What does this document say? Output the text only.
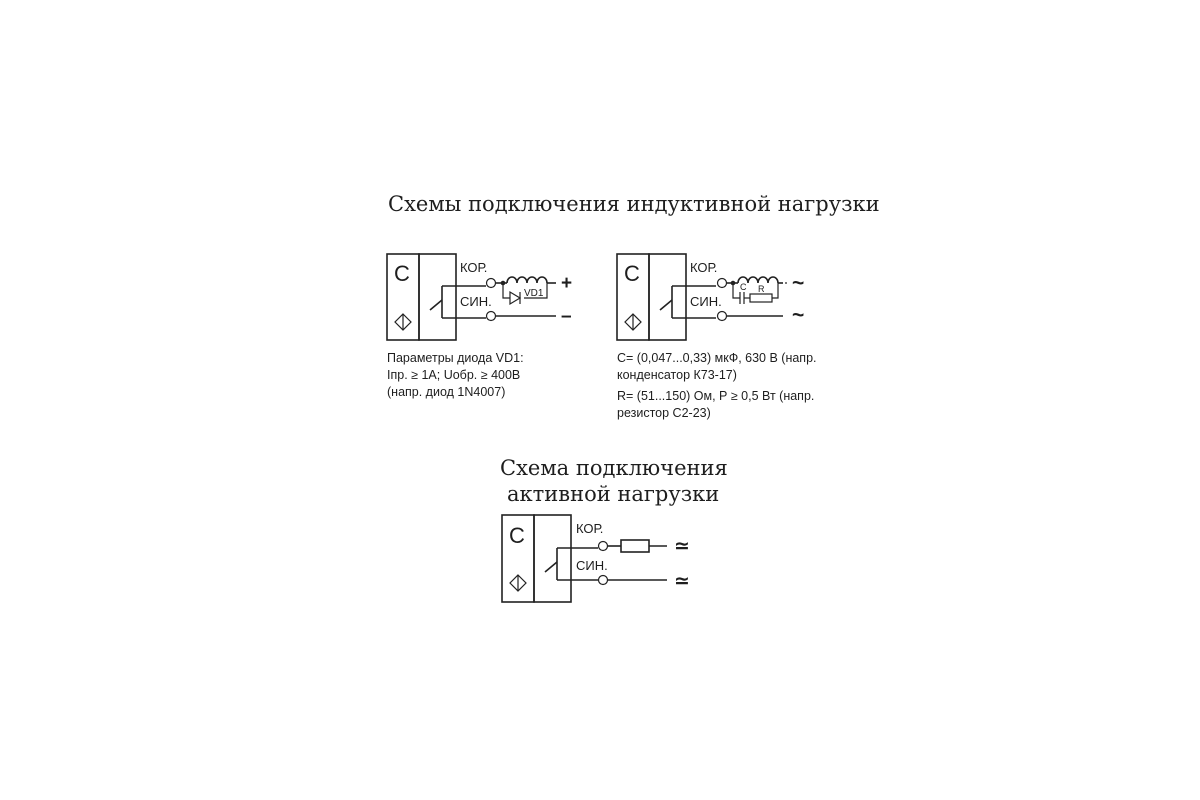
Схемы подключения индуктивной нагрузки
Схема подключения
активной нагрузки
С	КОР.
СИН.
VD1 +
–
С	КОР.
СИН.
C R ~
~
С	КОР.
СИН.
≃
≃
Параметры диода VD1:
Iпр. ≥ 1А; Uобр. ≥ 400В
(напр. диод 1N4007)
С= (0,047...0,33) мкФ, 630 В (напр.
конденсатор К73-17)
R= (51...150) Ом, Р ≥ 0,5 Вт (напр.
резистор С2-23)
